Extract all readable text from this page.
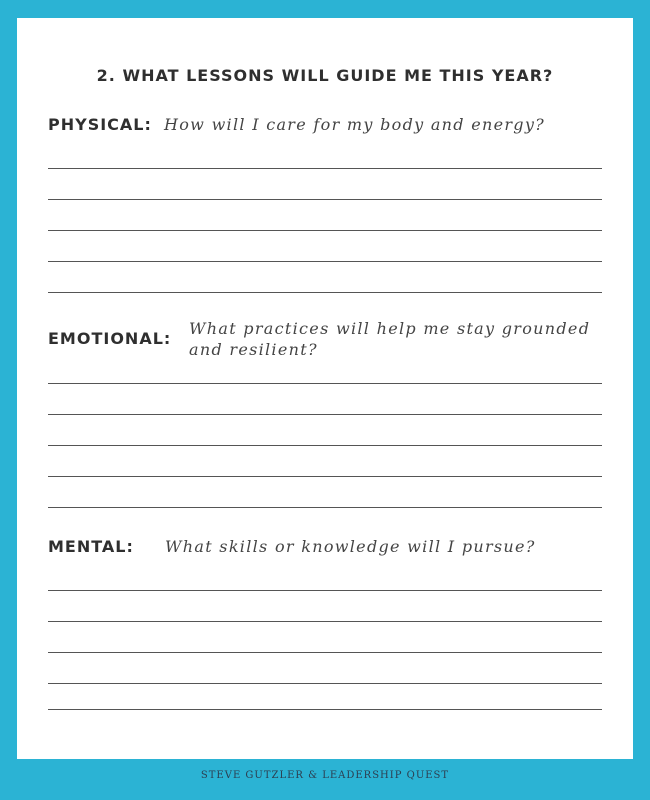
2. WHAT LESSONS WILL GUIDE ME THIS YEAR?
PHYSICAL: How will I care for my body and energy?
EMOTIONAL:
What practices will help me stay grounded and resilient?
MENTAL: What skills or knowledge will I pursue?
STEVE GUTZLER & LEADERSHIP QUEST
